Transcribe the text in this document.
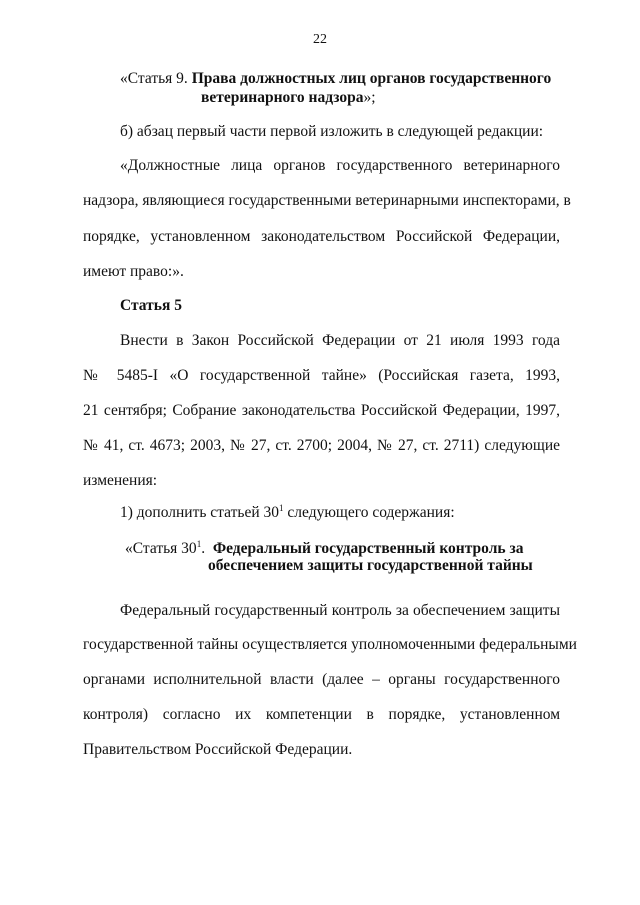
22
«Статья 9. Права должностных лиц органов государственного
ветеринарного надзора»;
б) абзац первый части первой изложить в следующей редакции:
«Должностные лица органов государственного ветеринарного
надзора, являющиеся государственными ветеринарными инспекторами, в
порядке, установленном законодательством Российской Федерации,
имеют право:».
Статья 5
Внести в Закон Российской Федерации от 21 июля 1993 года
№ 5485-I «О государственной тайне» (Российская газета, 1993,
21 сентября; Собрание законодательства Российской Федерации, 1997,
№ 41, ст. 4673; 2003, № 27, ст. 2700; 2004, № 27, ст. 2711) следующие
изменения:
1) дополнить статьей $30^1$ следующего содержания:
«Статья $30^1$. Федеральный государственный контроль за
обеспечением защиты государственной тайны
Федеральный государственный контроль за обеспечением защиты
государственной тайны осуществляется уполномоченными федеральными
органами исполнительной власти (далее – органы государственного
контроля) согласно их компетенции в порядке, установленном
Правительством Российской Федерации.
